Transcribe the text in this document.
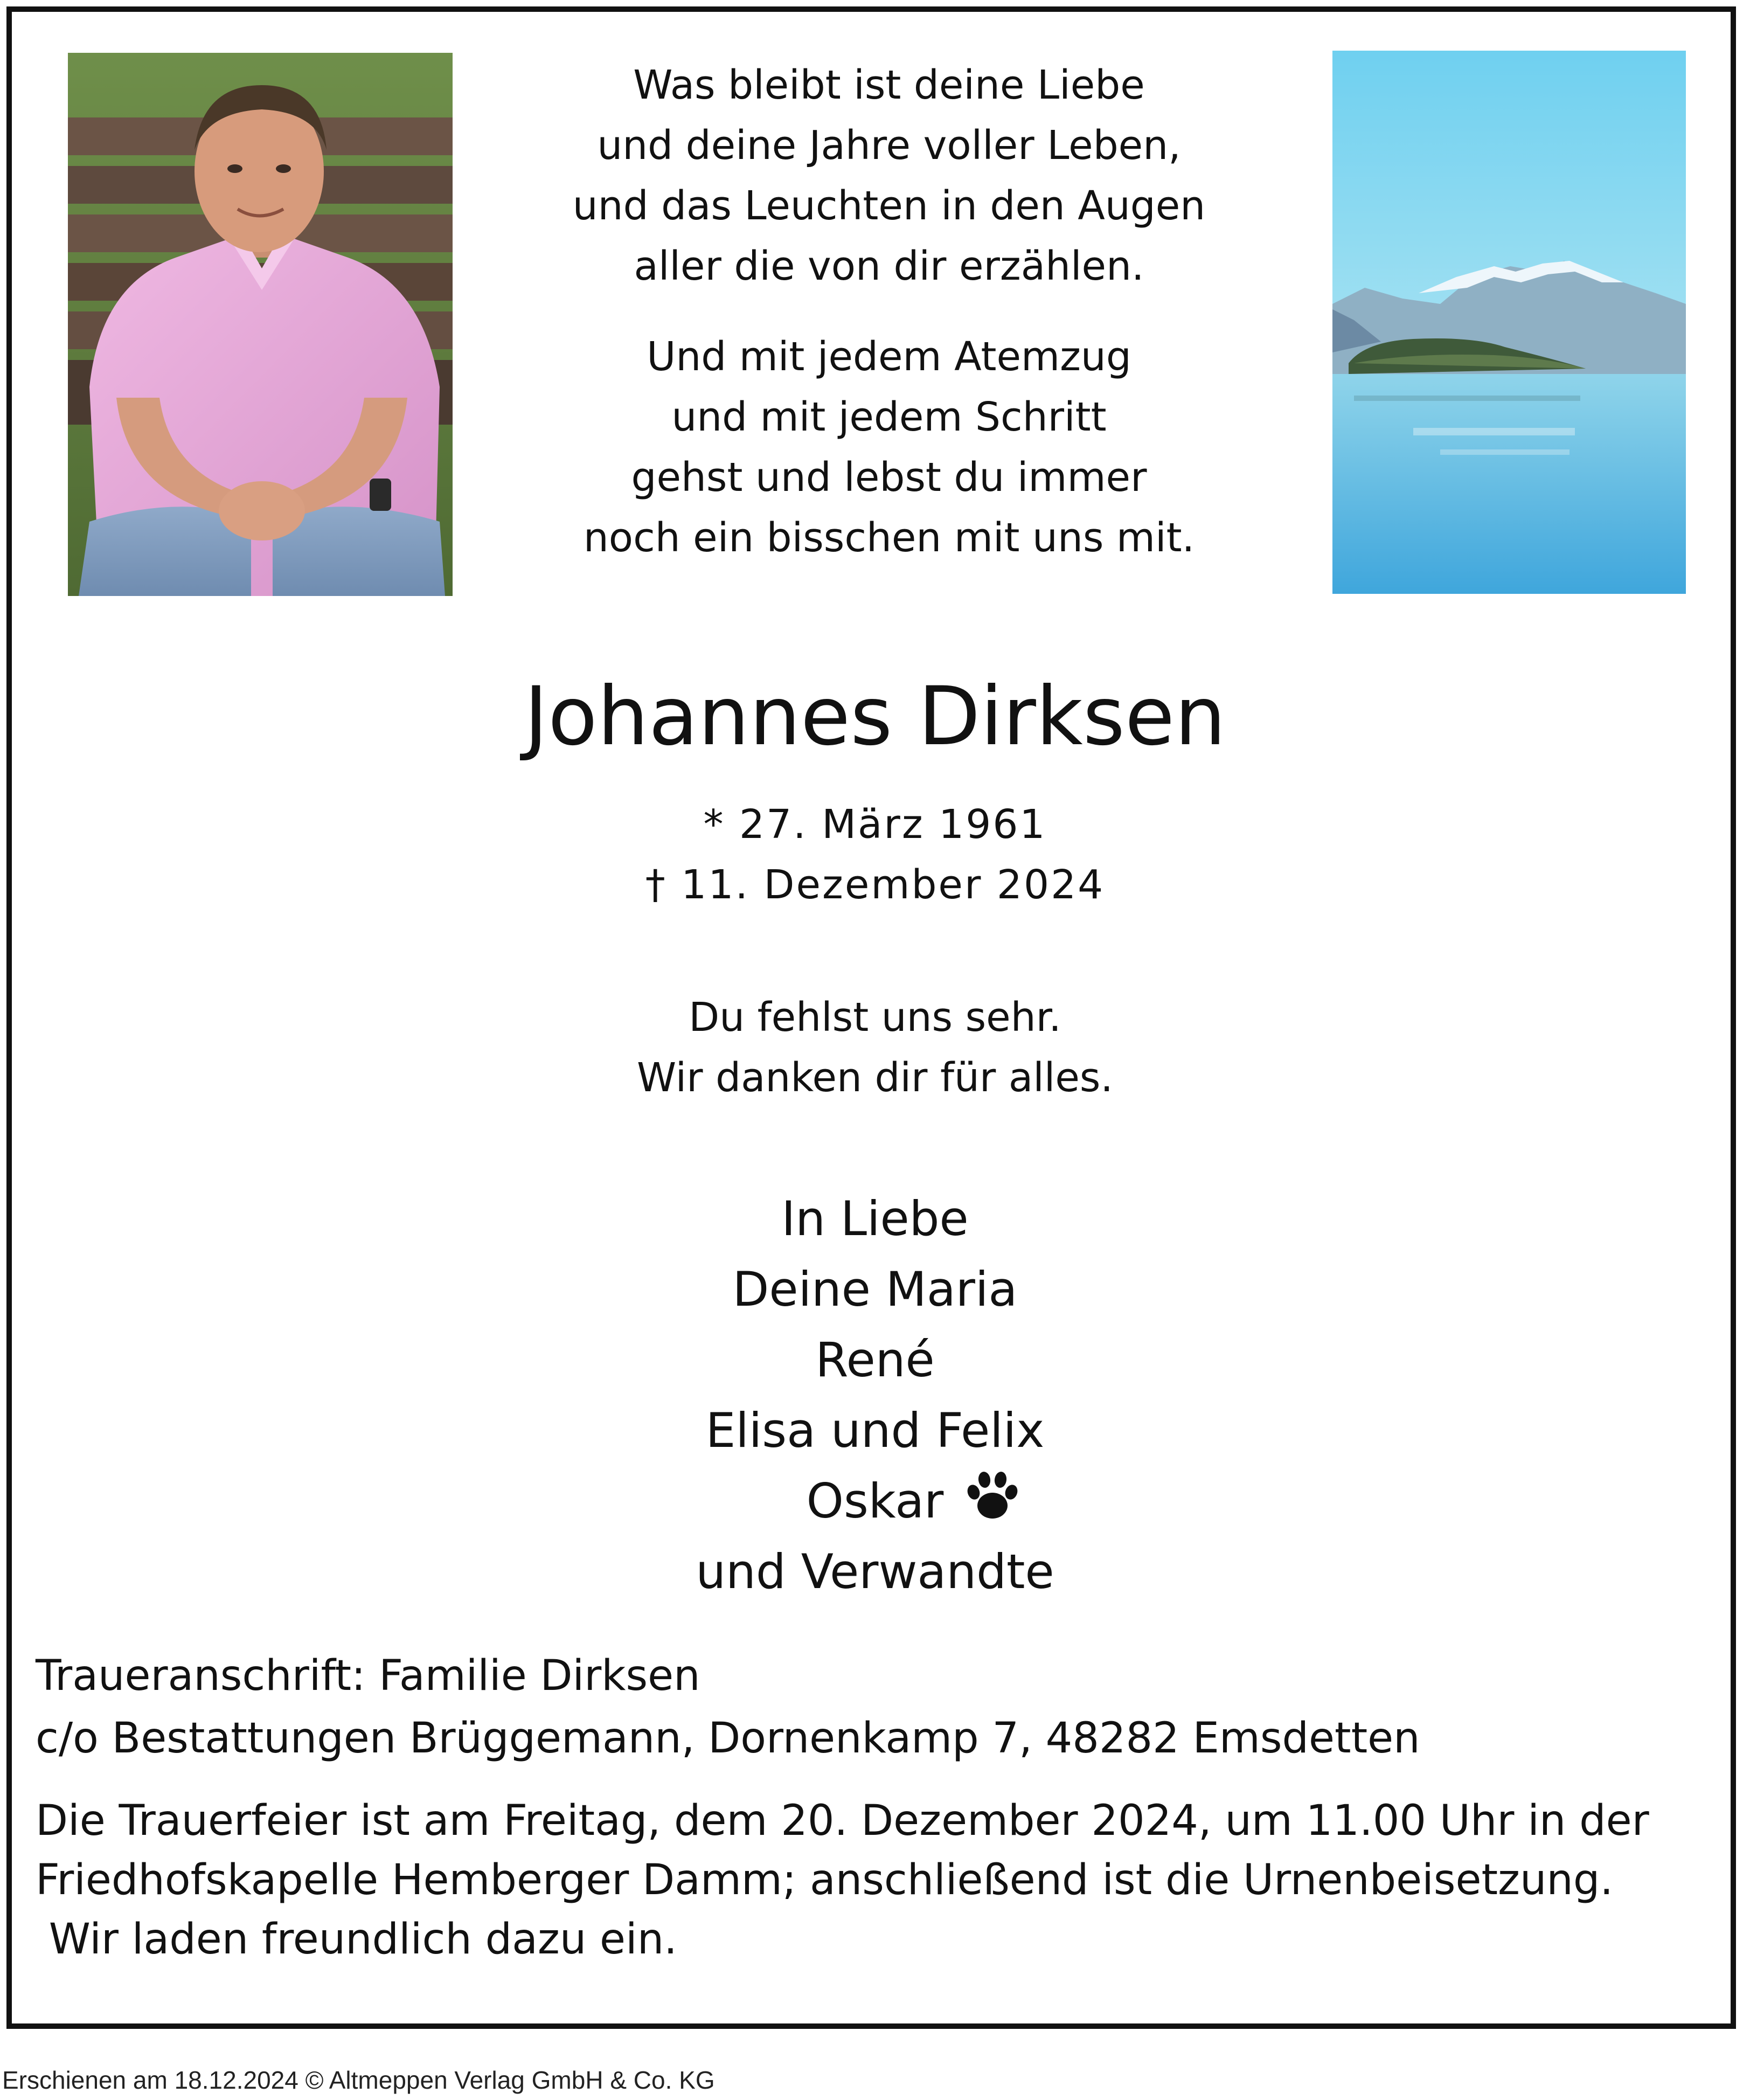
Was bleibt ist deine Liebe
und deine Jahre voller Leben,
und das Leuchten in den Augen
aller die von dir erzählen.
Und mit jedem Atemzug
und mit jedem Schritt
gehst und lebst du immer
noch ein bisschen mit uns mit.
Johannes Dirksen
* 27. März 1961
† 11. Dezember 2024
Du fehlst uns sehr.
Wir danken dir für alles.
In Liebe
Deine Maria
René
Elisa und Felix
Oskar
und Verwandte
Traueranschrift: Familie Dirksen
c/o Bestattungen Brüggemann, Dornenkamp 7, 48282 Emsdetten
Die Trauerfeier ist am Freitag, dem 20. Dezember 2024, um 11.00 Uhr in der
Friedhofskapelle Hemberger Damm; anschließend ist die Urnenbeisetzung.
Wir laden freundlich dazu ein.
Erschienen am 18.12.2024 © Altmeppen Verlag GmbH & Co. KG
